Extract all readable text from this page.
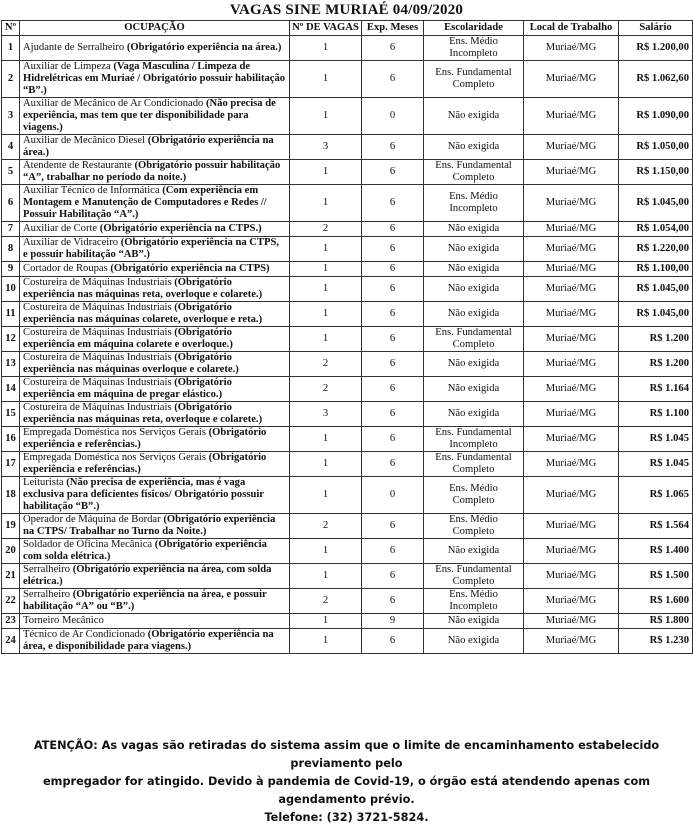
VAGAS SINE MURIAÉ 04/09/2020
Nº	OCUPAÇÃO	Nº DE VAGAS	Exp. Meses	Escolaridade	Local de Trabalho	Salário
1	Ajudante de Serralheiro (Obrigatório experiência na área.)	1	6	Ens. Médio Incompleto	Muriaé/MG	R$ 1.200,00
2	Auxiliar de Limpeza (Vaga Masculina / Limpeza de Hidrelétricas em Muriaé / Obrigatório possuir habilitação “B”.)	1	6	Ens. Fundamental Completo	Muriaé/MG	R$ 1.062,60
3	Auxiliar de Mecânico de Ar Condicionado (Não precisa de experiência, mas tem que ter disponibilidade para viagens.)	1	0	Não exigida	Muriaé/MG	R$ 1.090,00
4	Auxiliar de Mecânico Diesel (Obrigatório experiência na área.)	3	6	Não exigida	Muriaé/MG	R$ 1.050,00
5	Atendente de Restaurante (Obrigatório possuir habilitação “A”, trabalhar no período da noite.)	1	6	Ens. Fundamental Completo	Muriaé/MG	R$ 1.150,00
6	Auxiliar Técnico de Informática (Com experiência em Montagem e Manutenção de Computadores e Redes // Possuir Habilitação “A”.)	1	6	Ens. Médio Incompleto	Muriaé/MG	R$ 1.045,00
7	Auxiliar de Corte (Obrigatório experiência na CTPS.)	2	6	Não exigida	Muriaé/MG	R$ 1.054,00
8	Auxiliar de Vidraceiro (Obrigatório experiência na CTPS, e possuir habilitação “AB”.)	1	6	Não exigida	Muriaé/MG	R$ 1.220,00
9	Cortador de Roupas (Obrigatório experiência na CTPS)	1	6	Não exigida	Muriaé/MG	R$ 1.100,00
10	Costureira de Máquinas Industriais (Obrigatório experiência nas máquinas reta, overloque e colarete.)	1	6	Não exigida	Muriaé/MG	R$ 1.045,00
11	Costureira de Máquinas Industriais (Obrigatório experiência nas máquinas colarete, overloque e reta.)	1	6	Não exigida	Muriaé/MG	R$ 1.045,00
12	Costureira de Máquinas Industriais (Obrigatório experiência em máquina colarete e overloque.)	1	6	Ens. Fundamental Completo	Muriaé/MG	R$ 1.200
13	Costureira de Máquinas Industriais (Obrigatório experiência nas máquinas overloque e colarete.)	2	6	Não exigida	Muriaé/MG	R$ 1.200
14	Costureira de Máquinas Industriais (Obrigatório experiência em máquina de pregar elástico.)	2	6	Não exigida	Muriaé/MG	R$ 1.164
15	Costureira de Máquinas Industriais (Obrigatório experiência nas máquinas reta, overloque e colarete.)	3	6	Não exigida	Muriaé/MG	R$ 1.100
16	Empregada Doméstica nos Serviços Gerais (Obrigatório experiência e referências.)	1	6	Ens. Fundamental Incompleto	Muriaé/MG	R$ 1.045
17	Empregada Doméstica nos Serviços Gerais (Obrigatório experiência e referências.)	1	6	Ens. Fundamental Completo	Muriaé/MG	R$ 1.045
18	Leiturista (Não precisa de experiência, mas é vaga exclusiva para deficientes físicos/ Obrigatório possuir habilitação “B”.)	1	0	Ens. Médio Completo	Muriaé/MG	R$ 1.065
19	Operador de Máquina de Bordar (Obrigatório experiência na CTPS/ Trabalhar no Turno da Noite.)	2	6	Ens. Médio Completo	Muriaé/MG	R$ 1.564
20	Soldador de Oficina Mecânica (Obrigatório experiência com solda elétrica.)	1	6	Não exigida	Muriaé/MG	R$ 1.400
21	Serralheiro (Obrigatório experiência na área, com solda elétrica.)	1	6	Ens. Fundamental Completo	Muriaé/MG	R$ 1.500
22	Serralheiro (Obrigatório experiência na área, e possuir habilitação “A” ou “B”.)	2	6	Ens. Médio Incompleto	Muriaé/MG	R$ 1.600
23	Torneiro Mecânico	1	9	Não exigida	Muriaé/MG	R$ 1.800
24	Técnico de Ar Condicionado (Obrigatório experiência na área, e disponibilidade para viagens.)	1	6	Não exigida	Muriaé/MG	R$ 1.230
ATENÇÃO: As vagas são retiradas do sistema assim que o limite de encaminhamento estabelecido previamento pelo
empregador for atingido. Devido à pandemia de Covid-19, o órgão está atendendo apenas com agendamento prévio.
Telefone: (32) 3721-5824.
